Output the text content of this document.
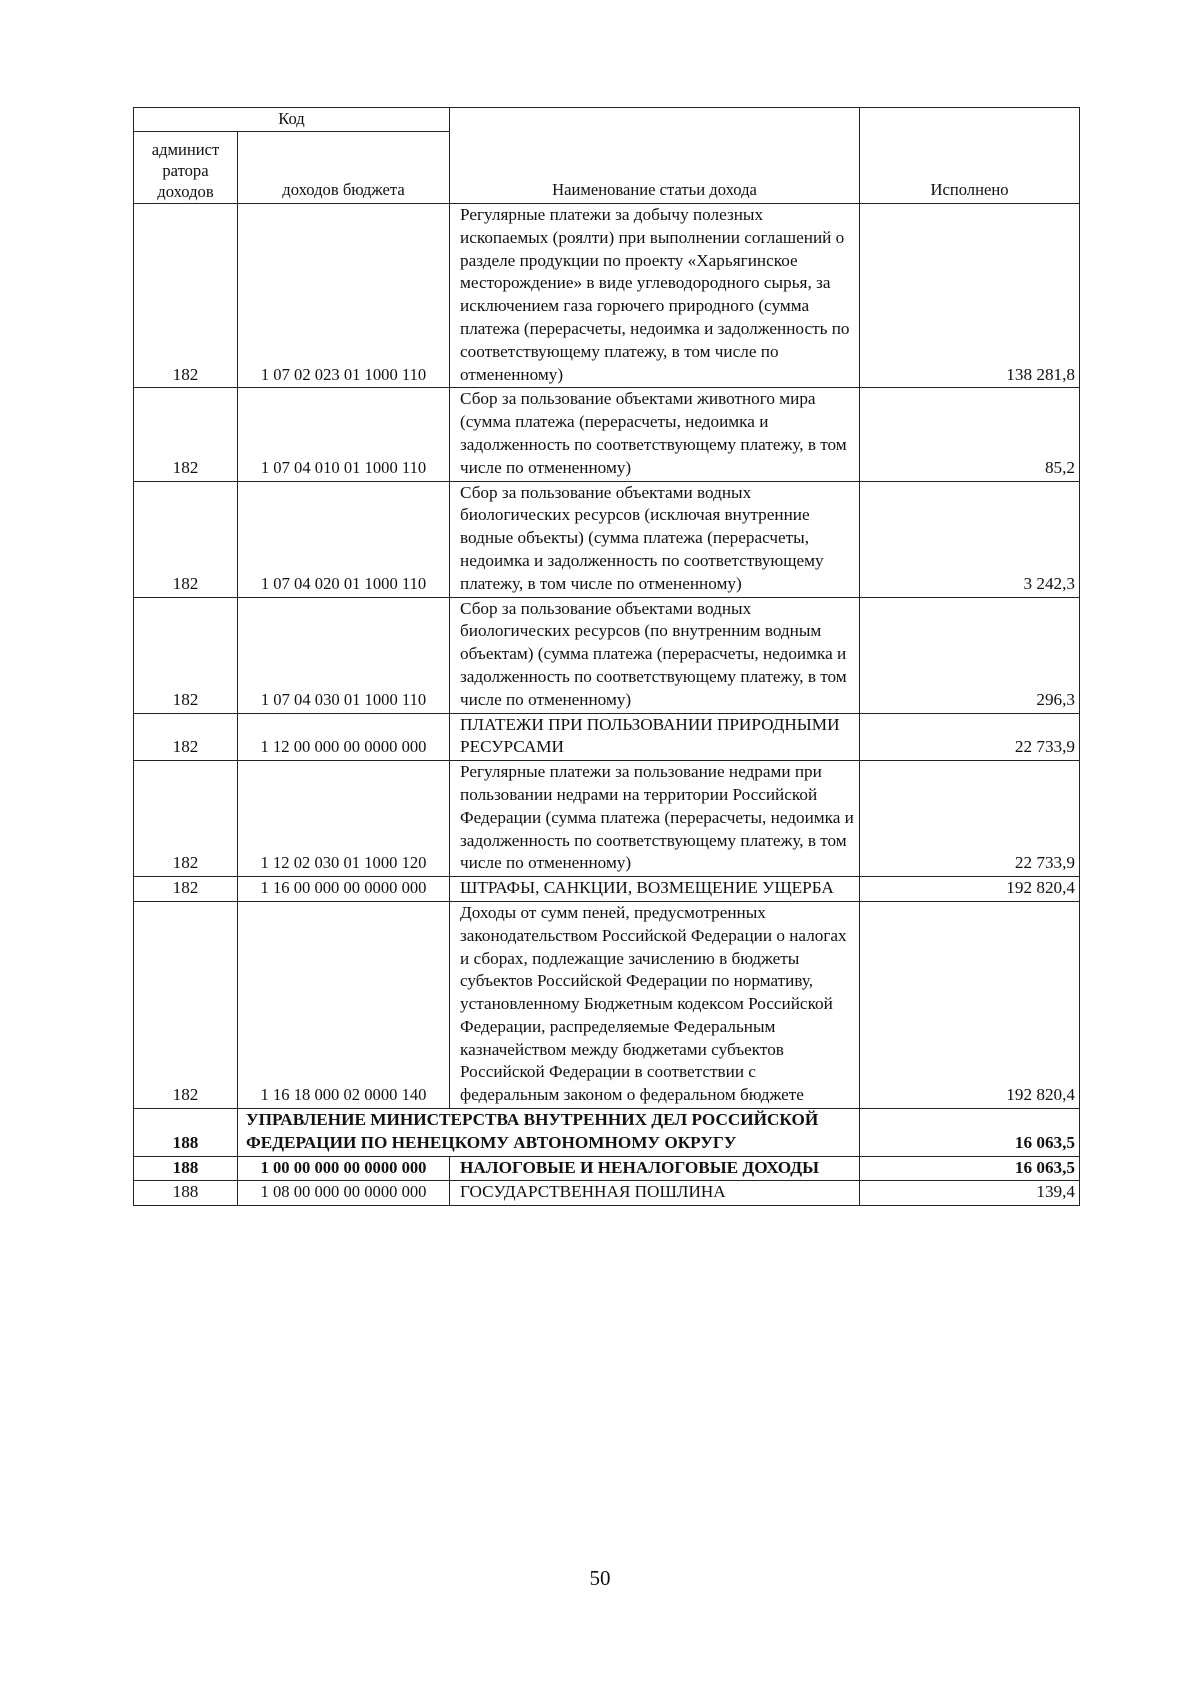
Код		Наименование статьи дохода	Исполнено
админист ратора доходов	доходов бюджета		
182	1 07 02 023 01 1000 110	Регулярные платежи за добычу полезных ископаемых (роялти) при выполнении соглашений о разделе продукции по проекту «Харьягинское месторождение» в виде углеводородного сырья, за исключением газа горючего природного (сумма платежа (перерасчеты, недоимка и задолженность по соответствующему платежу, в том числе по отмененному)	138 281,8
182	1 07 04 010 01 1000 110	Сбор за пользование объектами животного мира (сумма платежа (перерасчеты, недоимка и задолженность по соответствующему платежу, в том числе по отмененному)	85,2
182	1 07 04 020 01 1000 110	Сбор за пользование объектами водных биологических ресурсов (исключая внутренние водные объекты) (сумма платежа (перерасчеты, недоимка и задолженность по соответствующему платежу, в том числе по отмененному)	3 242,3
182	1 07 04 030 01 1000 110	Сбор за пользование объектами водных биологических ресурсов (по внутренним водным объектам) (сумма платежа (перерасчеты, недоимка и задолженность по соответствующему платежу, в том числе по отмененному)	296,3
182	1 12 00 000 00 0000 000	ПЛАТЕЖИ ПРИ ПОЛЬЗОВАНИИ ПРИРОДНЫМИ РЕСУРСАМИ	22 733,9
182	1 12 02 030 01 1000 120	Регулярные платежи за пользование недрами при пользовании недрами на территории Российской Федерации (сумма платежа (перерасчеты, недоимка и задолженность по соответствующему платежу, в том числе по отмененному)	22 733,9
182	1 16 00 000 00 0000 000	ШТРАФЫ, САНКЦИИ, ВОЗМЕЩЕНИЕ УЩЕРБА	192 820,4
182	1 16 18 000 02 0000 140	Доходы от сумм пеней, предусмотренных законодательством Российской Федерации о налогах и сборах, подлежащие зачислению в бюджеты субъектов Российской Федерации по нормативу, установленному Бюджетным кодексом Российской Федерации, распределяемые Федеральным казначейством между бюджетами субъектов Российской Федерации в соответствии с федеральным законом о федеральном бюджете	192 820,4
188	УПРАВЛЕНИЕ МИНИСТЕРСТВА ВНУТРЕННИХ ДЕЛ РОССИЙСКОЙ ФЕДЕРАЦИИ ПО НЕНЕЦКОМУ АВТОНОМНОМУ ОКРУГУ		16 063,5
188	1 00 00 000 00 0000 000	НАЛОГОВЫЕ И НЕНАЛОГОВЫЕ ДОХОДЫ	16 063,5
188	1 08 00 000 00 0000 000	ГОСУДАРСТВЕННАЯ ПОШЛИНА	139,4
50
